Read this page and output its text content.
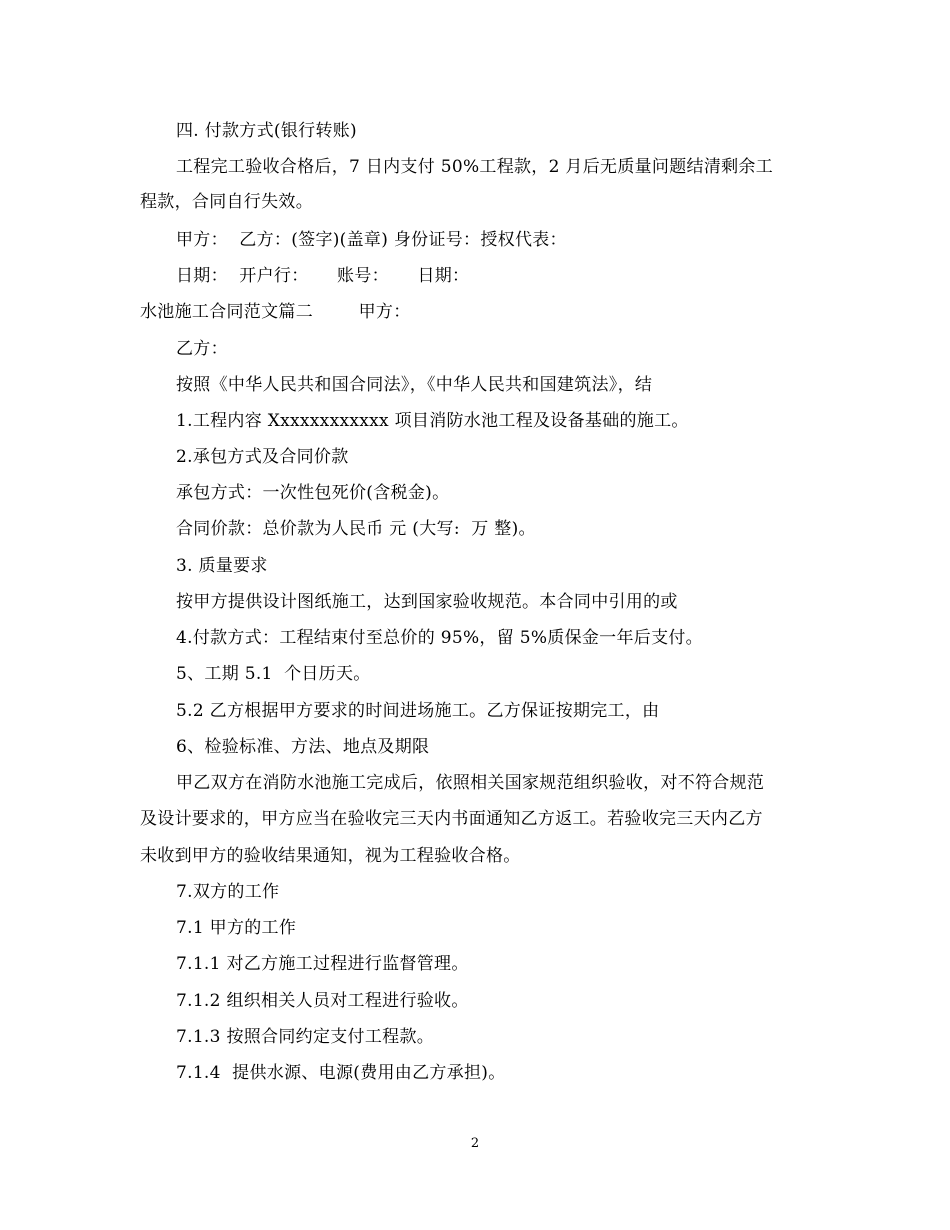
四. 付款方式(银行转账)
工程完工验收合格后，7 日内支付 50%工程款，2 月后无质量问题结清剩余工
程款，合同自行失效。
甲方：  乙方：(签字)(盖章) 身份证号：授权代表：
日期：  开户行：     账号：     日期：
水池施工合同范文篇二        甲方：
乙方：
按照《中华人民共和国合同法》，《中华人民共和国建筑法》，结
1.工程内容 Xxxxxxxxxxxx 项目消防水池工程及设备基础的施工。
2.承包方式及合同价款
承包方式：一次性包死价(含税金)。
合同价款：总价款为人民币 元 (大写:  万 整)。
3. 质量要求
按甲方提供设计图纸施工，达到国家验收规范。本合同中引用的或
4.付款方式：工程结束付至总价的 95%，留 5%质保金一年后支付。
5、工期 5.1  个日历天。
5.2 乙方根据甲方要求的时间进场施工。乙方保证按期完工，由
6、检验标准、方法、地点及期限
甲乙双方在消防水池施工完成后，依照相关国家规范组织验收，对不符合规范
及设计要求的，甲方应当在验收完三天内书面通知乙方返工。若验收完三天内乙方
未收到甲方的验收结果通知，视为工程验收合格。
7.双方的工作
7.1 甲方的工作
7.1.1 对乙方施工过程进行监督管理。
7.1.2 组织相关人员对工程进行验收。
7.1.3 按照合同约定支付工程款。
7.1.4  提供水源、电源(费用由乙方承担)。
2
